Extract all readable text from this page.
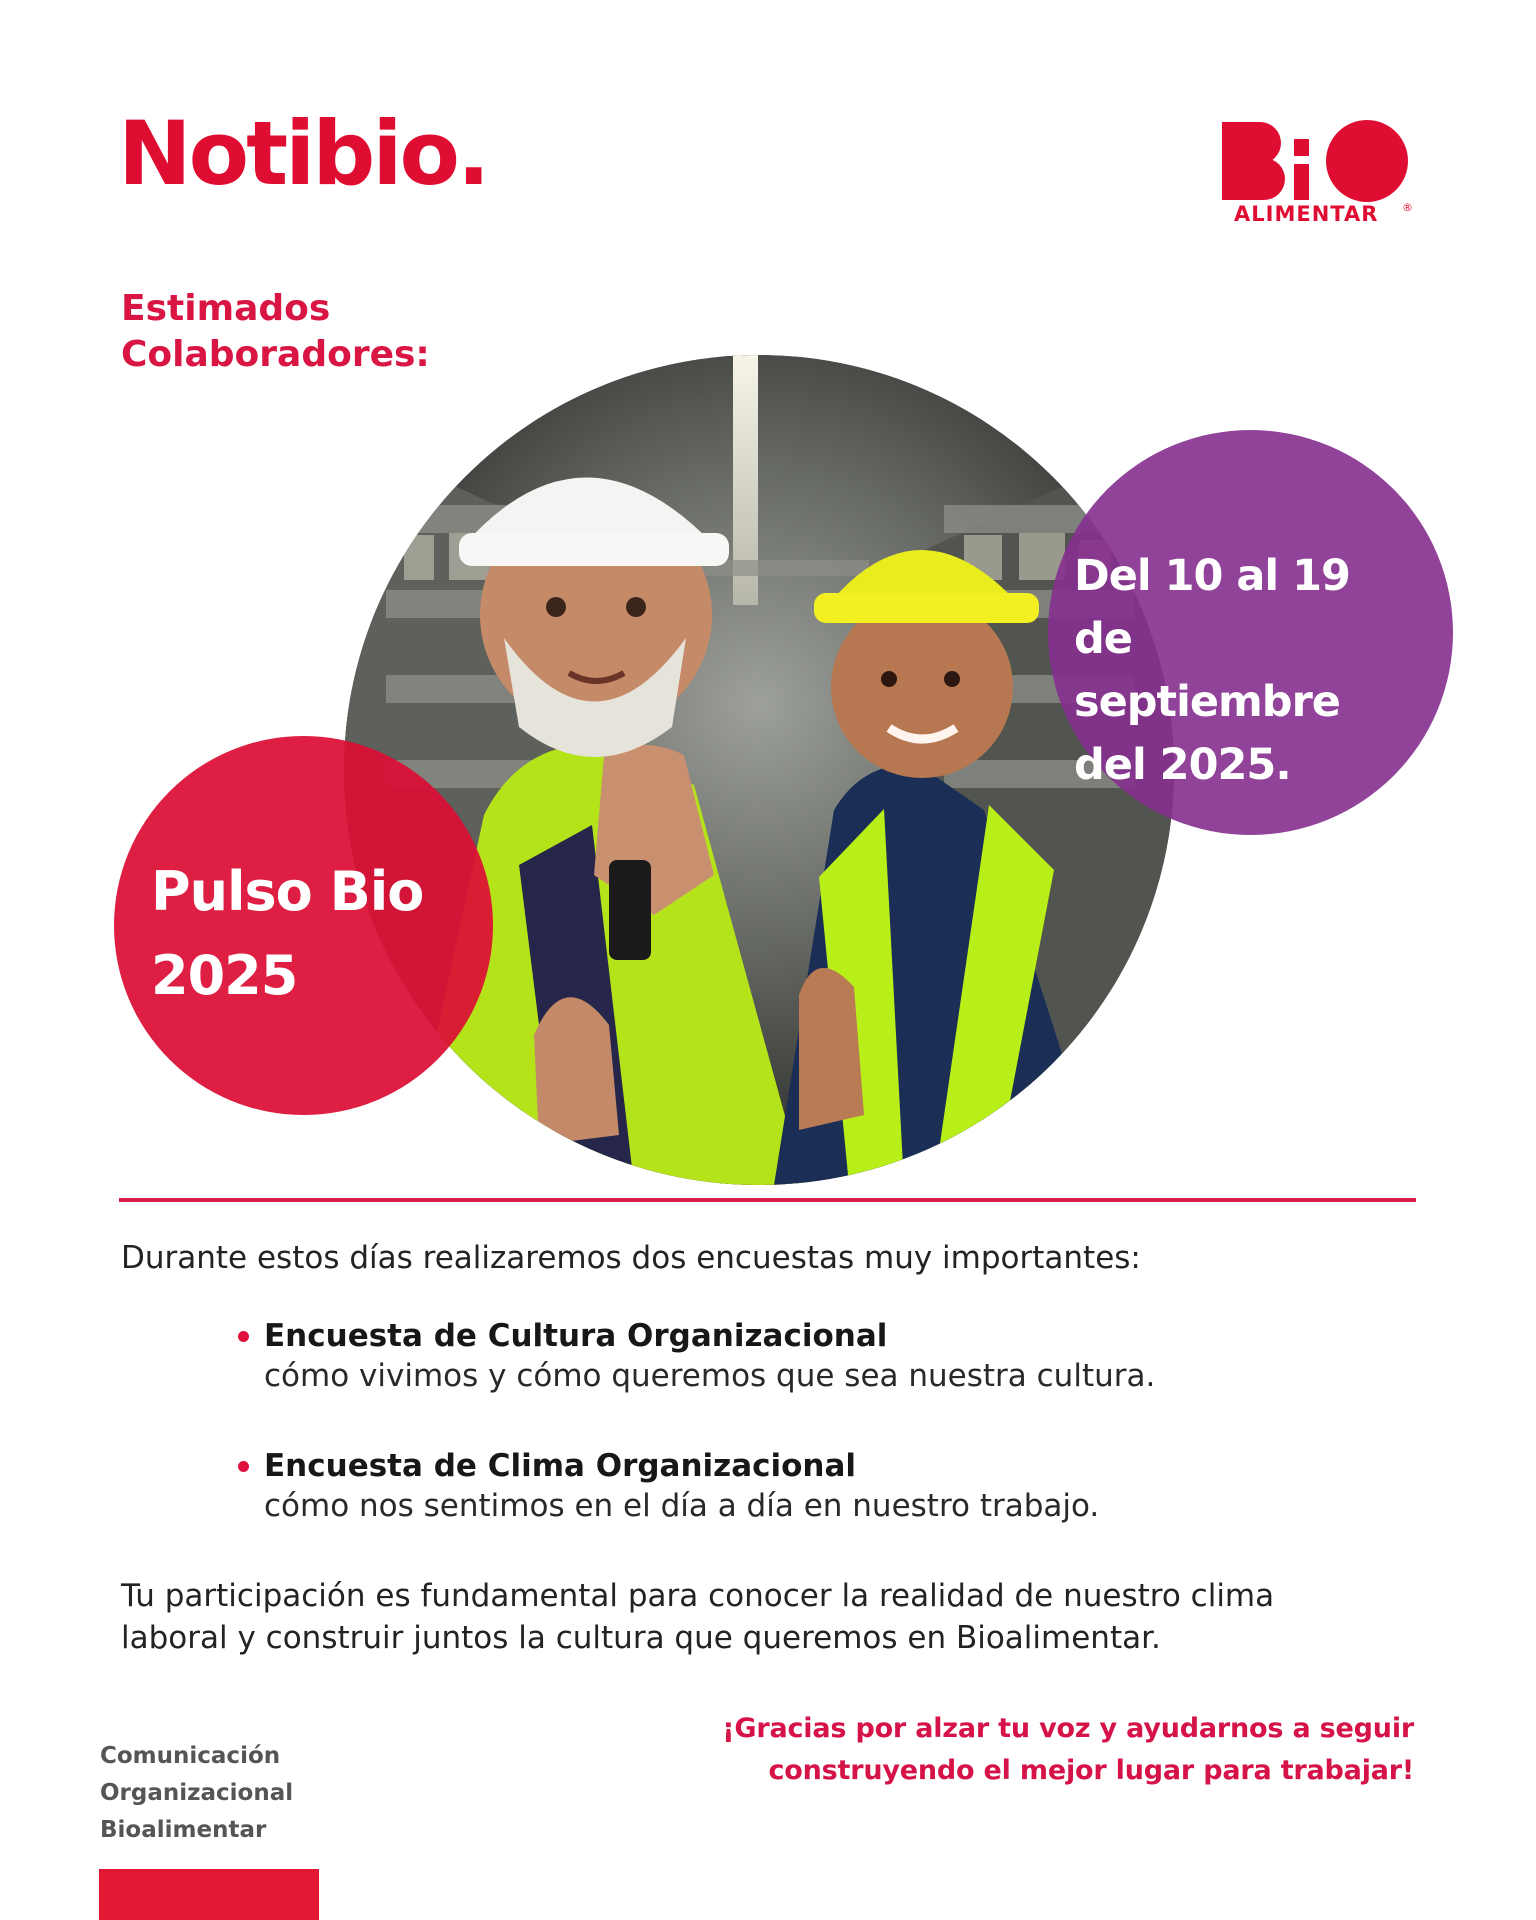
Notibio.
ALIMENTAR ®

Estimados
Colaboradores:

Del 10 al 19
de septiembre
del 2025.

Pulso Bio
2025

Durante estos días realizaremos dos encuestas muy importantes:

Encuesta de Cultura Organizacional
cómo vivimos y cómo queremos que sea nuestra cultura.
Encuesta de Clima Organizacional
cómo nos sentimos en el día a día en nuestro trabajo.

Tu participación es fundamental para conocer la realidad de nuestro clima
laboral y construir juntos la cultura que queremos en Bioalimentar.

¡Gracias por alzar tu voz y ayudarnos a seguir
construyendo el mejor lugar para trabajar!

Comunicación
Organizacional
Bioalimentar
